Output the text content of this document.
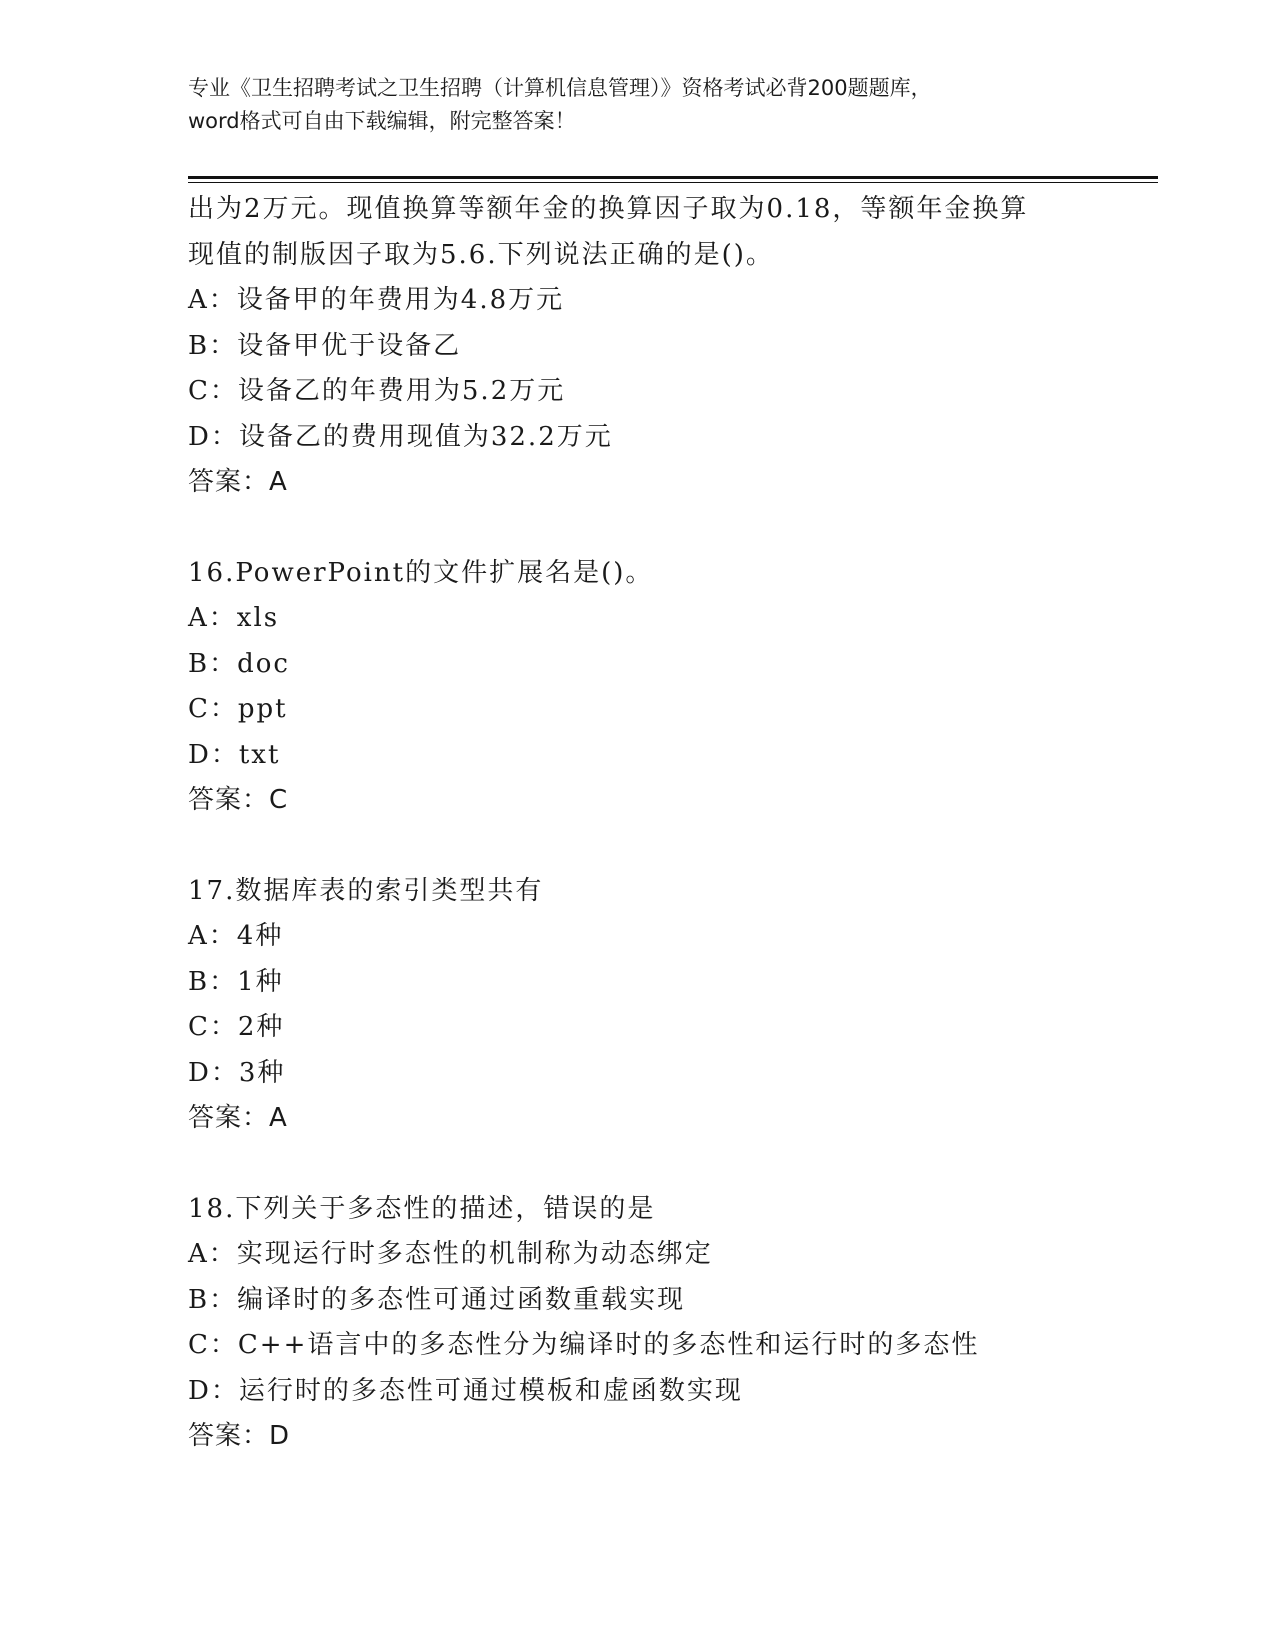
专业《卫生招聘考试之卫生招聘（计算机信息管理）》资格考试必背200题题库，
word格式可自由下载编辑，附完整答案！
出为2万元。现值换算等额年金的换算因子取为0.18，等额年金换算
现值的制版因子取为5.6.下列说法正确的是()。
A：设备甲的年费用为4.8万元
B：设备甲优于设备乙
C：设备乙的年费用为5.2万元
D：设备乙的费用现值为32.2万元
答案：A
16.PowerPoint的文件扩展名是()。
A：xls
B：doc
C：ppt
D：txt
答案：C
17.数据库表的索引类型共有
A：4种
B：1种
C：2种
D：3种
答案：A
18.下列关于多态性的描述，错误的是
A：实现运行时多态性的机制称为动态绑定
B：编译时的多态性可通过函数重载实现
C：C++语言中的多态性分为编译时的多态性和运行时的多态性
D：运行时的多态性可通过模板和虚函数实现
答案：D
